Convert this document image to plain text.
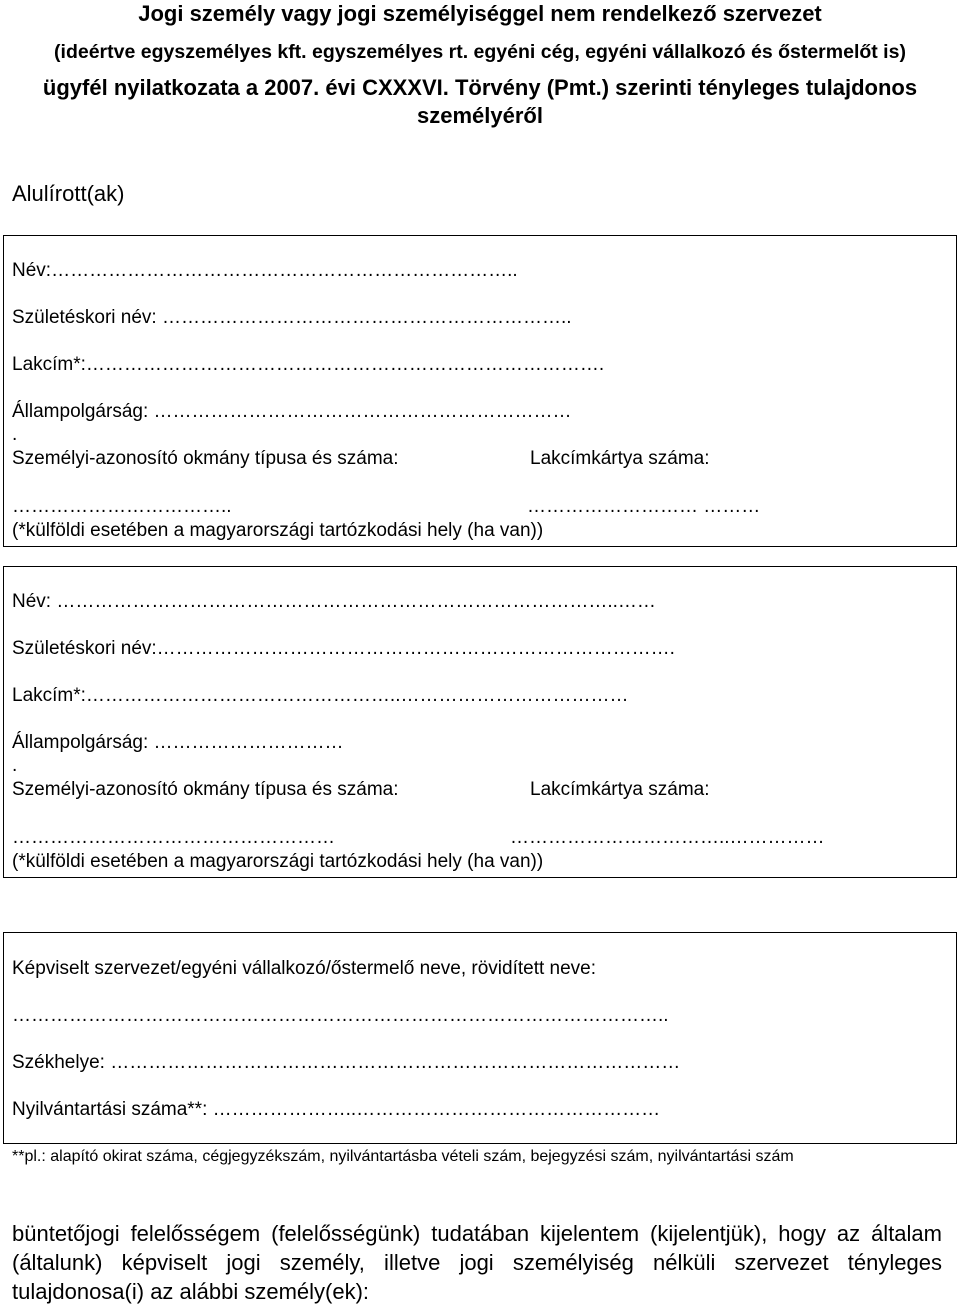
Jogi személy vagy jogi személyiséggel nem rendelkező szervezet
(ideértve egyszemélyes kft. egyszemélyes rt. egyéni cég, egyéni vállalkozó és őstermelőt is)
ügyfél nyilatkozata a 2007. évi CXXXVI. Törvény (Pmt.) szerinti tényleges tulajdonos
személyéről
Alulírott(ak)
Név:………………………………………………………………..
Születéskori név: ………………………………………………………..
Lakcím*:……………………………………………………………………….
Állampolgárság: …………………………………………………………
.
Személyi-azonosító okmány típusa és száma:	Lakcímkártya száma:
……………………………..	……………………… ………
(*külföldi esetében a magyarországi tartózkodási hely (ha van))
Név: ……………………………………………………………………………..……
Születéskori név:……………………………………………………………………….
Lakcím*:…………………………………………..………………………………
Állampolgárság: …………………………
.
Személyi-azonosító okmány típusa és száma:	Lakcímkártya száma:
……………………………………………	……………………………..……………
(*külföldi esetében a magyarországi tartózkodási hely (ha van))
Képviselt szervezet/egyéni vállalkozó/őstermelő neve, rövidített neve:
…………………………………………………………………………………………..
Székhelye: ………………………………………………………………………………
Nyilvántartási száma**: …………………..…………………………………………
**pl.: alapító okirat száma, cégjegyzékszám, nyilvántartásba vételi szám, bejegyzési szám, nyilvántartási szám
büntetőjogi felelősségem (felelősségünk) tudatában kijelentem (kijelentjük), hogy az általam (általunk) képviselt jogi személy, illetve jogi személyiség nélküli szervezet tényleges tulajdonosa(i) az alábbi személy(ek):
